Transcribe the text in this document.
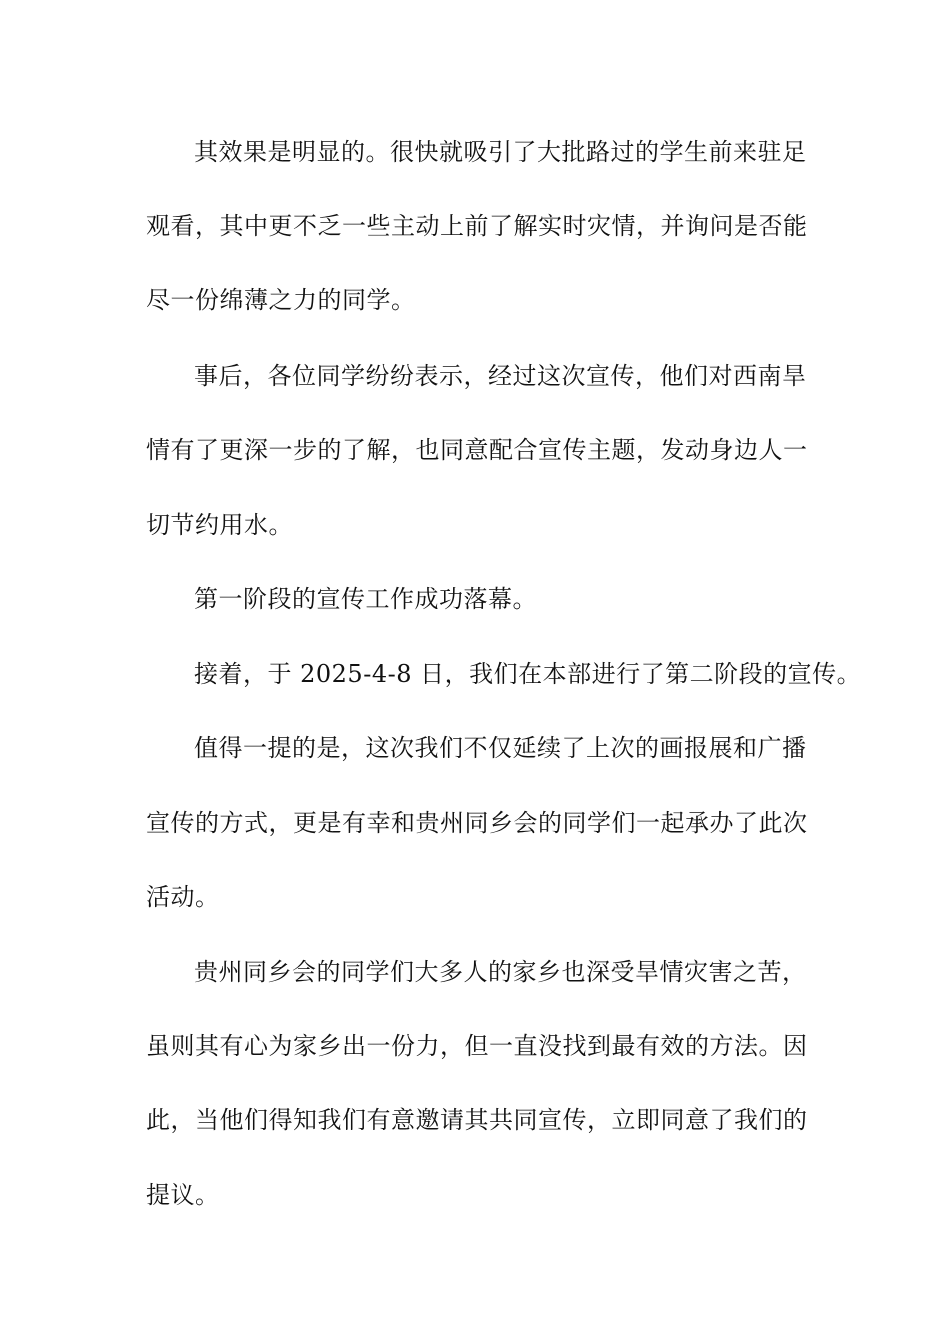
其效果是明显的。很快就吸引了大批路过的学生前来驻足
观看，其中更不乏一些主动上前了解实时灾情，并询问是否能
尽一份绵薄之力的同学。
事后，各位同学纷纷表示，经过这次宣传，他们对西南旱
情有了更深一步的了解，也同意配合宣传主题，发动身边人一
切节约用水。
第一阶段的宣传工作成功落幕。
接着，于 2025-4-8 日，我们在本部进行了第二阶段的宣传。
值得一提的是，这次我们不仅延续了上次的画报展和广播
宣传的方式，更是有幸和贵州同乡会的同学们一起承办了此次
活动。
贵州同乡会的同学们大多人的家乡也深受旱情灾害之苦，
虽则其有心为家乡出一份力，但一直没找到最有效的方法。因
此，当他们得知我们有意邀请其共同宣传，立即同意了我们的
提议。
